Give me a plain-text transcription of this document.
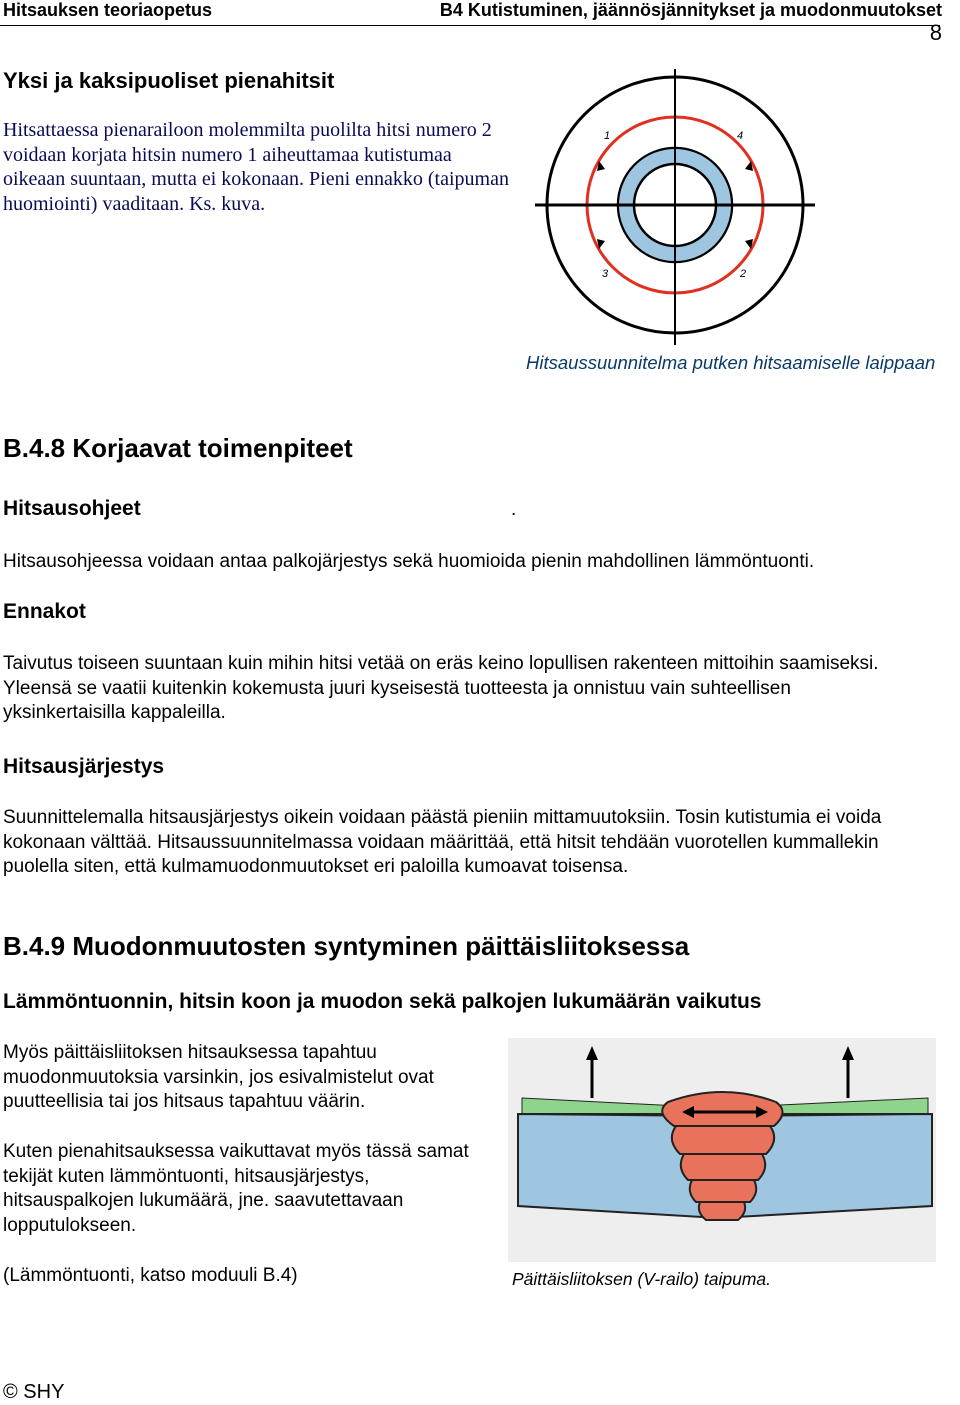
Hitsauksen teoriaopetus	B4 Kutistuminen, jäännösjännitykset ja muodonmuutokset
8
Yksi ja kaksipuoliset pienahitsit
Hitsattaessa pienarailoon molemmilta puolilta hitsi numero 2 voidaan korjata hitsin numero 1 aiheuttamaa kutistumaa oikeaan suuntaan, mutta ei kokonaan. Pieni ennakko (taipuman huomiointi) vaaditaan. Ks. kuva.
1	4
3	2
Hitsaussuunnitelma putken hitsaamiselle laippaan
B.4.8 Korjaavat toimenpiteet
Hitsausohjeet	.
Hitsausohjeessa voidaan antaa palkojärjestys sekä huomioida pienin mahdollinen lämmöntuonti.
Ennakot
Taivutus toiseen suuntaan kuin mihin hitsi vetää on eräs keino lopullisen rakenteen mittoihin saamiseksi. Yleensä se vaatii kuitenkin kokemusta juuri kyseisestä tuotteesta ja onnistuu vain suhteellisen yksinkertaisilla kappaleilla.
Hitsausjärjestys
Suunnittelemalla hitsausjärjestys oikein voidaan päästä pieniin mittamuutoksiin. Tosin kutistumia ei voida kokonaan välttää. Hitsaussuunnitelmassa voidaan määrittää, että hitsit tehdään vuorotellen kummallekin puolella siten, että kulmamuodonmuutokset eri paloilla kumoavat toisensa.
B.4.9 Muodonmuutosten syntyminen päittäisliitoksessa
Lämmöntuonnin, hitsin koon ja muodon sekä palkojen lukumäärän vaikutus
Myös päittäisliitoksen hitsauksessa tapahtuu muodonmuutoksia varsinkin, jos esivalmistelut ovat puutteellisia tai jos hitsaus tapahtuu väärin.
Kuten pienahitsauksessa vaikuttavat myös tässä samat tekijät kuten lämmöntuonti, hitsausjärjestys, hitsauspalkojen lukumäärä, jne. saavutettavaan lopputulokseen.
(Lämmöntuonti, katso moduuli B.4)	Päittäisliitoksen (V-railo) taipuma.
© SHY
